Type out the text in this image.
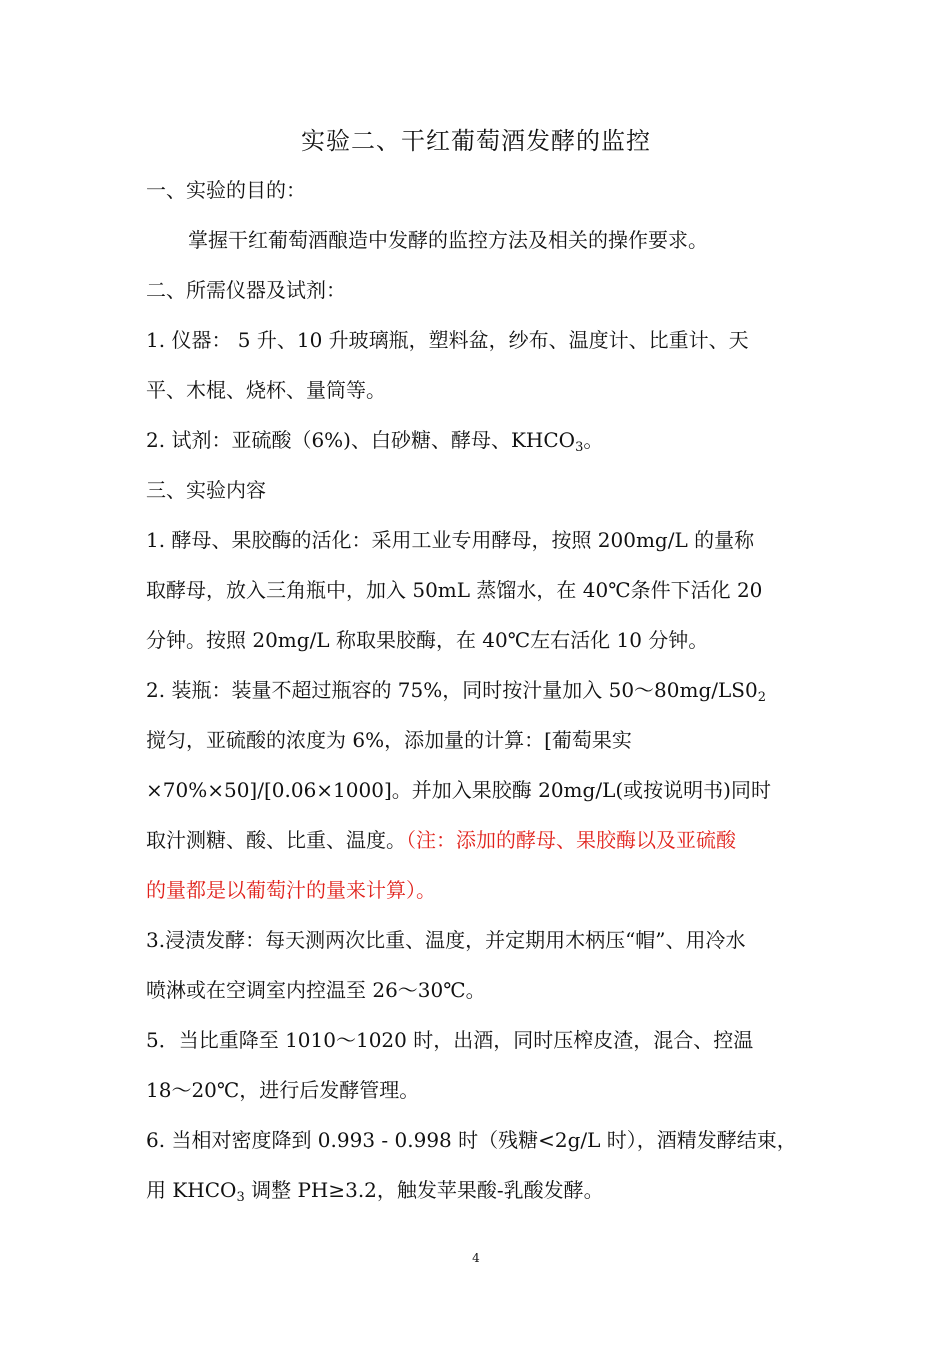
实验二、干红葡萄酒发酵的监控
一、实验的目的：
掌握干红葡萄酒酿造中发酵的监控方法及相关的操作要求。
二、所需仪器及试剂：
1. 仪器： 5 升、10 升玻璃瓶，塑料盆，纱布、温度计、比重计、天
平、木棍、烧杯、量筒等。
2. 试剂：亚硫酸（6%)、白砂糖、酵母、$KHCO_3$。
三、实验内容
1. 酵母、果胶酶的活化：采用工业专用酵母，按照 200mg/L 的量称
取酵母，放入三角瓶中，加入 50mL 蒸馏水，在 40℃条件下活化 20
分钟。按照 20mg/L 称取果胶酶，在 40℃左右活化 10 分钟。
2. 装瓶：装量不超过瓶容的 75%，同时按汁量加入 $50\sim 80mg/LS0_2$
搅匀，亚硫酸的浓度为 6%，添加量的计算：[葡萄果实
×70%×50]/[0.06×1000]。并加入果胶酶 20mg/L(或按说明书)同时
取汁测糖、酸、比重、温度。（注：添加的酵母、果胶酶以及亚硫酸
的量都是以葡萄汁的量来计算）。
3.浸渍发酵：每天测两次比重、温度，并定期用木柄压“帽”、用冷水
喷淋或在空调室内控温至 26～30℃。
5．当比重降至 1010～1020 时，出酒，同时压榨皮渣，混合、控温
18～20℃，进行后发酵管理。
6. 当相对密度降到 0.993 - 0.998 时（残糖<2g/L 时），酒精发酵结束，
用 $KHCO_3$ 调整 PH≥3.2，触发苹果酸-乳酸发酵。
4
